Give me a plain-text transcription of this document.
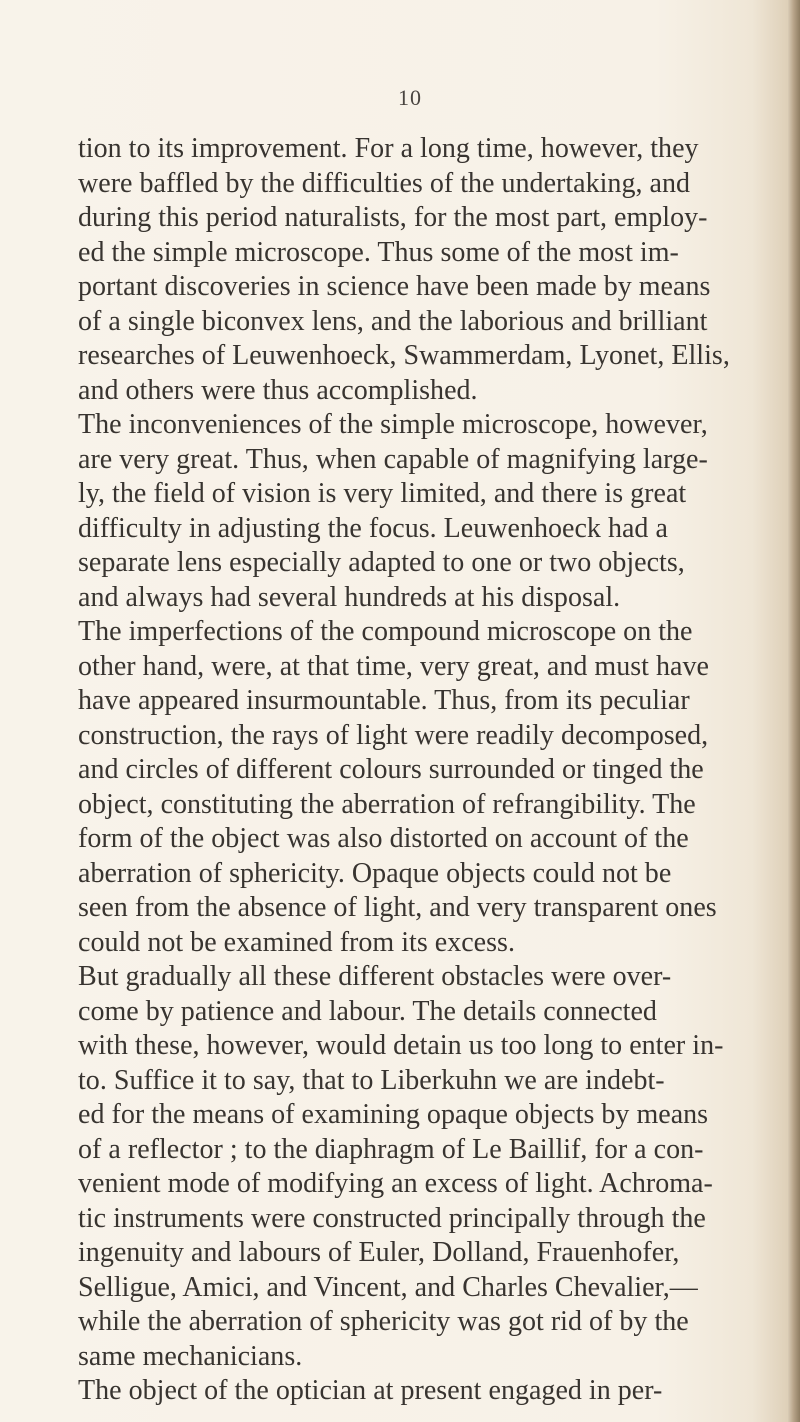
10
tion to its improvement. For a long time, however, they
were baffled by the difficulties of the undertaking, and
during this period naturalists, for the most part, employ-
ed the simple microscope. Thus some of the most im-
portant discoveries in science have been made by means
of a single biconvex lens, and the laborious and brilliant
researches of Leuwenhoeck, Swammerdam, Lyonet, Ellis,
and others were thus accomplished.
The inconveniences of the simple microscope, however,
are very great. Thus, when capable of magnifying large-
ly, the field of vision is very limited, and there is great
difficulty in adjusting the focus. Leuwenhoeck had a
separate lens especially adapted to one or two objects,
and always had several hundreds at his disposal.
The imperfections of the compound microscope on the
other hand, were, at that time, very great, and must have
have appeared insurmountable. Thus, from its peculiar
construction, the rays of light were readily decomposed,
and circles of different colours surrounded or tinged the
object, constituting the aberration of refrangibility. The
form of the object was also distorted on account of the
aberration of sphericity. Opaque objects could not be
seen from the absence of light, and very transparent ones
could not be examined from its excess.
But gradually all these different obstacles were over-
come by patience and labour. The details connected
with these, however, would detain us too long to enter in-
to. Suffice it to say, that to Liberkuhn we are indebt-
ed for the means of examining opaque objects by means
of a reflector ; to the diaphragm of Le Baillif, for a con-
venient mode of modifying an excess of light. Achroma-
tic instruments were constructed principally through the
ingenuity and labours of Euler, Dolland, Frauenhofer,
Selligue, Amici, and Vincent, and Charles Chevalier,—
while the aberration of sphericity was got rid of by the
same mechanicians.
The object of the optician at present engaged in per-
